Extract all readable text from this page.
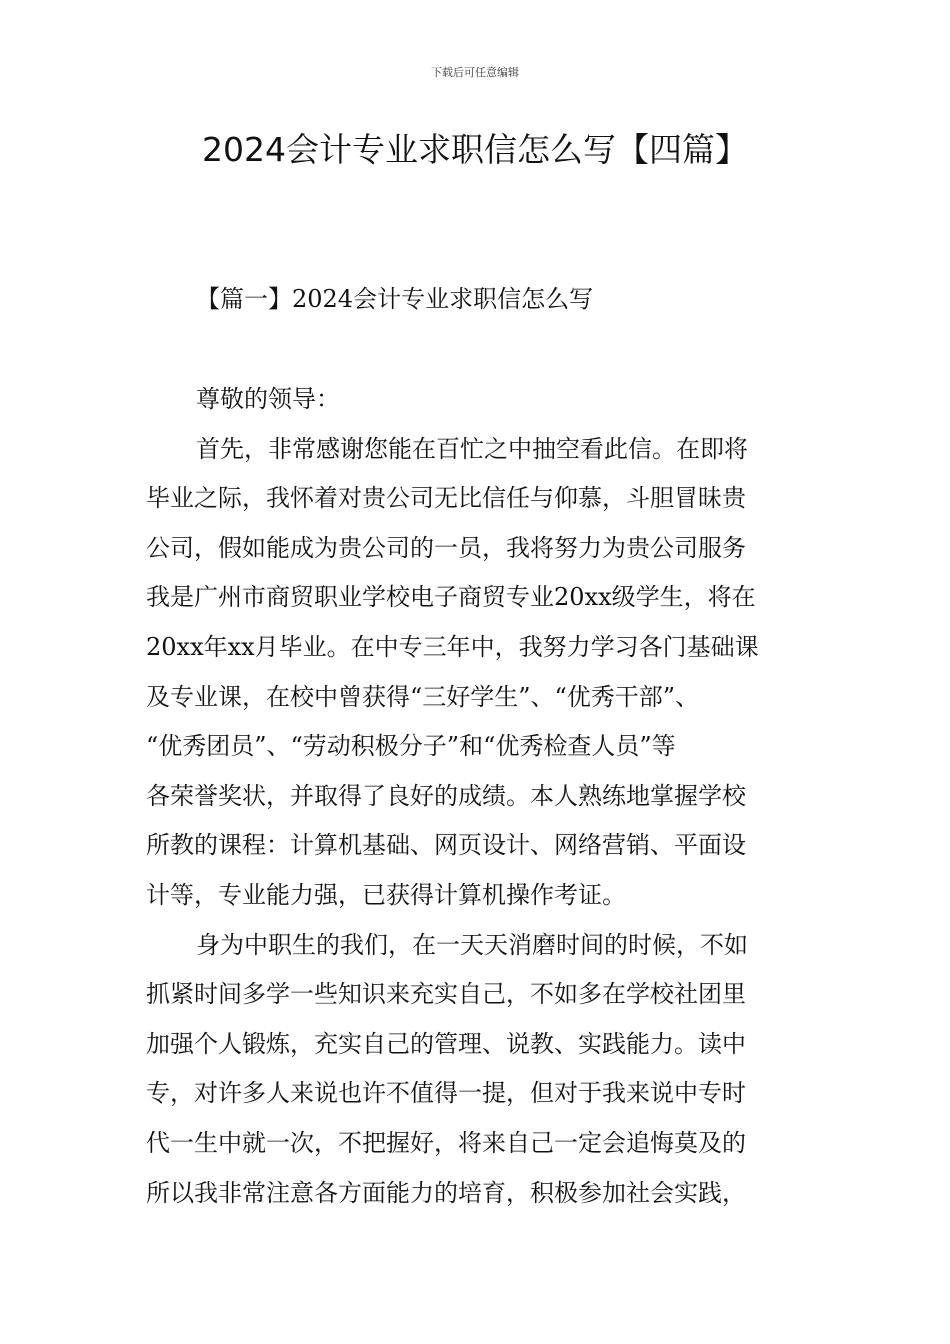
下载后可任意编辑
2024会计专业求职信怎么写【四篇】
【篇一】2024会计专业求职信怎么写
尊敬的领导：
首先，非常感谢您能在百忙之中抽空看此信。在即将
毕业之际，我怀着对贵公司无比信任与仰慕，斗胆冒昧贵
公司，假如能成为贵公司的一员，我将努力为贵公司服务
我是广州市商贸职业学校电子商贸专业20xx级学生，将在
20xx年xx月毕业。在中专三年中，我努力学习各门基础课
及专业课，在校中曾获得“三好学生”、“优秀干部”、
“优秀团员”、“劳动积极分子”和“优秀检查人员”等
各荣誉奖状，并取得了良好的成绩。本人熟练地掌握学校
所教的课程：计算机基础、网页设计、网络营销、平面设
计等，专业能力强，已获得计算机操作考证。
身为中职生的我们，在一天天消磨时间的时候，不如
抓紧时间多学一些知识来充实自己，不如多在学校社团里
加强个人锻炼，充实自己的管理、说教、实践能力。读中
专，对许多人来说也许不值得一提，但对于我来说中专时
代一生中就一次，不把握好，将来自己一定会追悔莫及的
所以我非常注意各方面能力的培育，积极参加社会实践，
